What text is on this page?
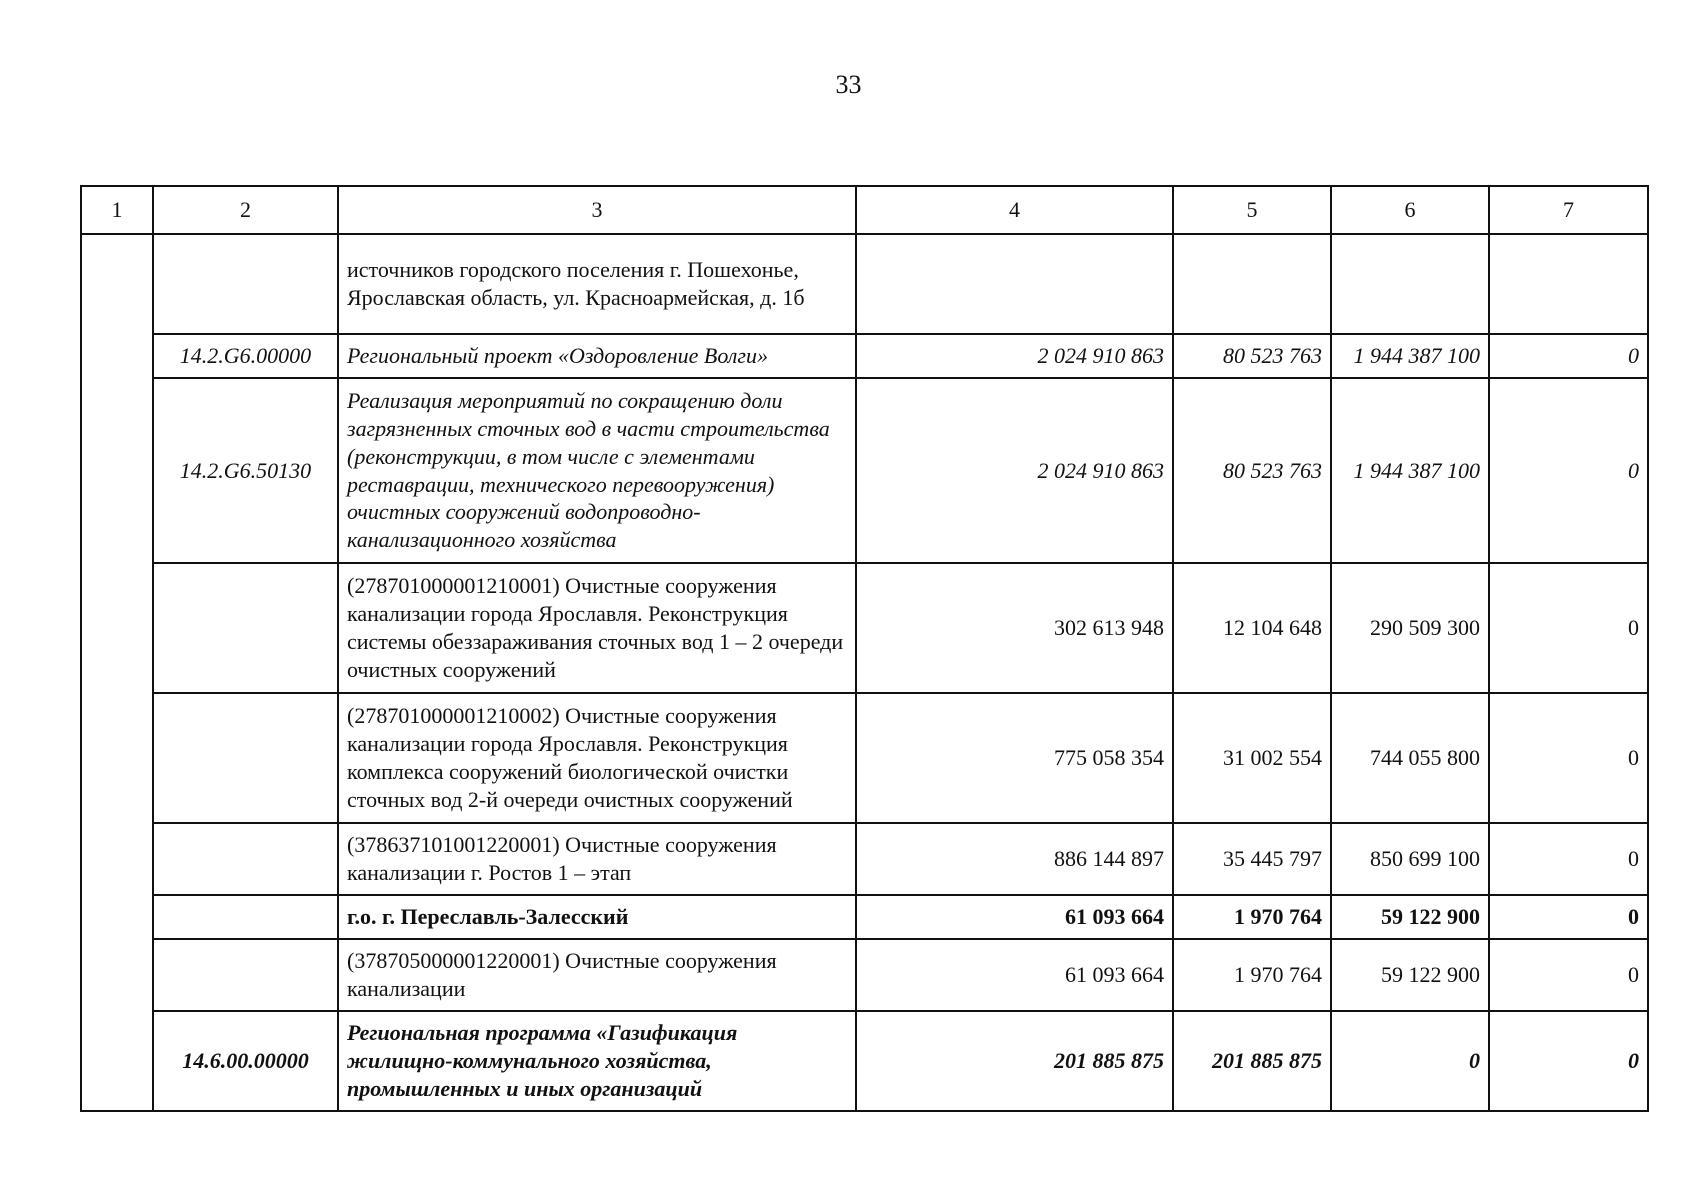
33
1	2	3	4	5	6	7
		источников городского поселения г. Пошехонье, Ярославская область, ул. Красноармейская, д. 1б				
	14.2.G6.00000	Региональный проект «Оздоровление Волги»	2 024 910 863	80 523 763	1 944 387 100	0
	14.2.G6.50130	Реализация мероприятий по сокращению доли загрязненных сточных вод в части строительства (реконструкции, в том числе с элементами реставрации, технического перевооружения) очистных сооружений водопроводно-канализационного хозяйства	2 024 910 863	80 523 763	1 944 387 100	0
		(278701000001210001) Очистные сооружения канализации города Ярославля. Реконструкция системы обеззараживания сточных вод 1 – 2 очереди очистных сооружений	302 613 948	12 104 648	290 509 300	0
		(278701000001210002) Очистные сооружения канализации города Ярославля. Реконструкция комплекса сооружений биологической очистки сточных вод 2-й очереди очистных сооружений	775 058 354	31 002 554	744 055 800	0
		(378637101001220001) Очистные сооружения канализации г. Ростов 1 – этап	886 144 897	35 445 797	850 699 100	0
		г.о. г. Переславль-Залесский	61 093 664	1 970 764	59 122 900	0
		(378705000001220001) Очистные сооружения канализации	61 093 664	1 970 764	59 122 900	0
	14.6.00.00000	Региональная программа «Газификация жилищно-коммунального хозяйства, промышленных и иных организаций	201 885 875	201 885 875	0	0
